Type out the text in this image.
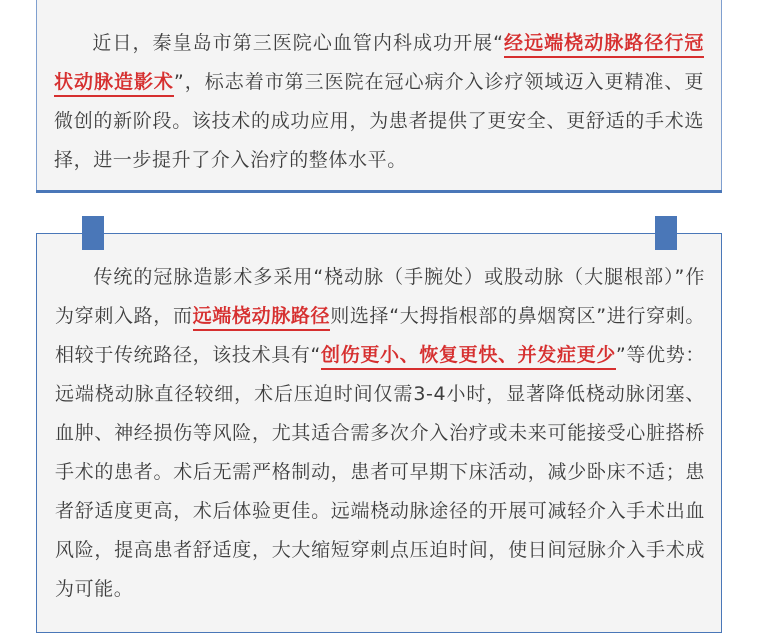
近日，秦皇岛市第三医院心血管内科成功开展“经远端桡动脉路径行冠状动脉造影术”，标志着市第三医院在冠心病介入诊疗领域迈入更精准、更微创的新阶段。该技术的成功应用，为患者提供了更安全、更舒适的手术选择，进一步提升了介入治疗的整体水平。

传统的冠脉造影术多采用“桡动脉（手腕处）或股动脉（大腿根部）”作为穿刺入路，而远端桡动脉路径则选择“大拇指根部的鼻烟窝区”进行穿刺。相较于传统路径，该技术具有“创伤更小、恢复更快、并发症更少”等优势：远端桡动脉直径较细，术后压迫时间仅需3-4小时，显著降低桡动脉闭塞、血肿、神经损伤等风险，尤其适合需多次介入治疗或未来可能接受心脏搭桥手术的患者。术后无需严格制动，患者可早期下床活动，减少卧床不适；患者舒适度更高，术后体验更佳。远端桡动脉途径的开展可减轻介入手术出血风险，提高患者舒适度，大大缩短穿刺点压迫时间，使日间冠脉介入手术成为可能。
